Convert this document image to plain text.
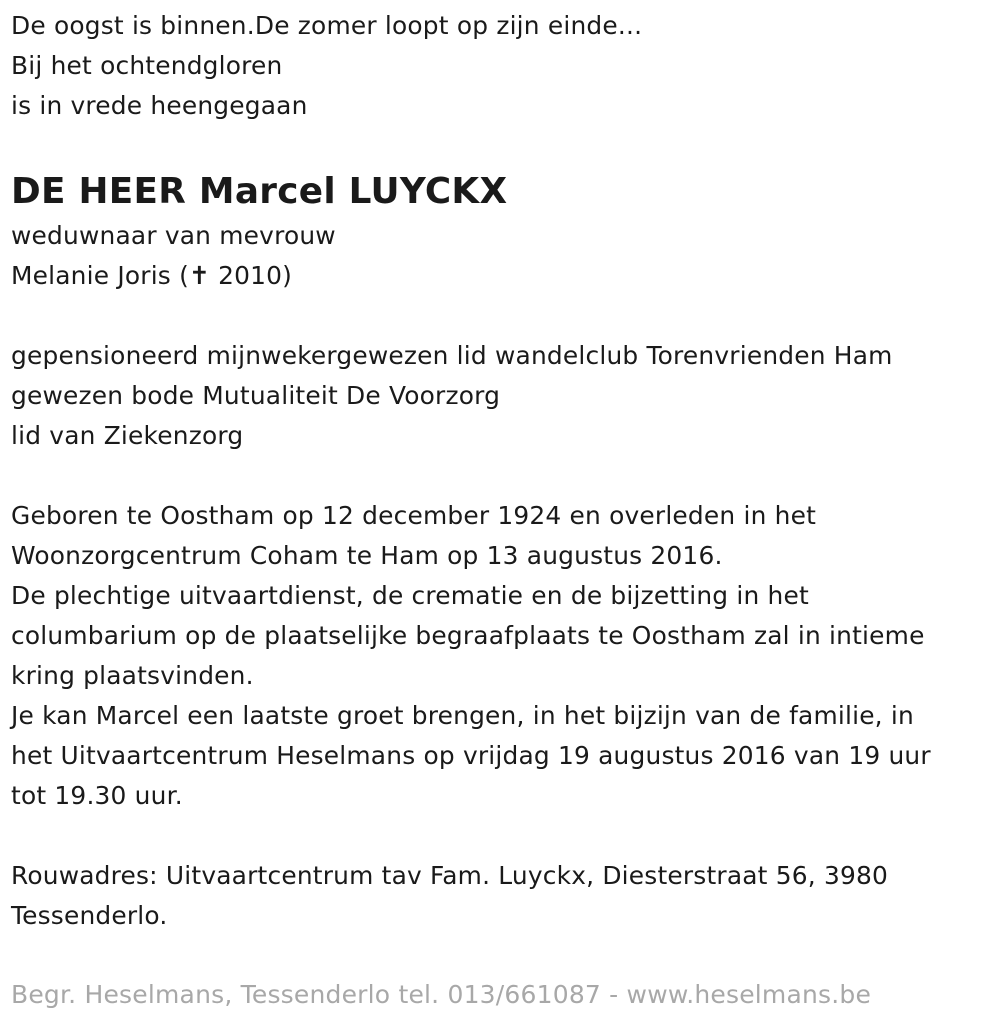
De oogst is binnen.De zomer loopt op zijn einde...
Bij het ochtendgloren
is in vrede heengegaan
DE HEER Marcel LUYCKX
weduwnaar van mevrouw
Melanie Joris (✝ 2010)
gepensioneerd mijnwekergewezen lid wandelclub Torenvrienden Ham
gewezen bode Mutualiteit De Voorzorg
lid van Ziekenzorg
Geboren te Oostham op 12 december 1924 en overleden in het
Woonzorgcentrum Coham te Ham op 13 augustus 2016.
De plechtige uitvaartdienst, de crematie en de bijzetting in het
columbarium op de plaatselijke begraafplaats te Oostham zal in intieme
kring plaatsvinden.
Je kan Marcel een laatste groet brengen, in het bijzijn van de familie, in
het Uitvaartcentrum Heselmans op vrijdag 19 augustus 2016 van 19 uur
tot 19.30 uur.
Rouwadres: Uitvaartcentrum tav Fam. Luyckx, Diesterstraat 56, 3980
Tessenderlo.
Begr. Heselmans, Tessenderlo tel. 013/661087 - www.heselmans.be
